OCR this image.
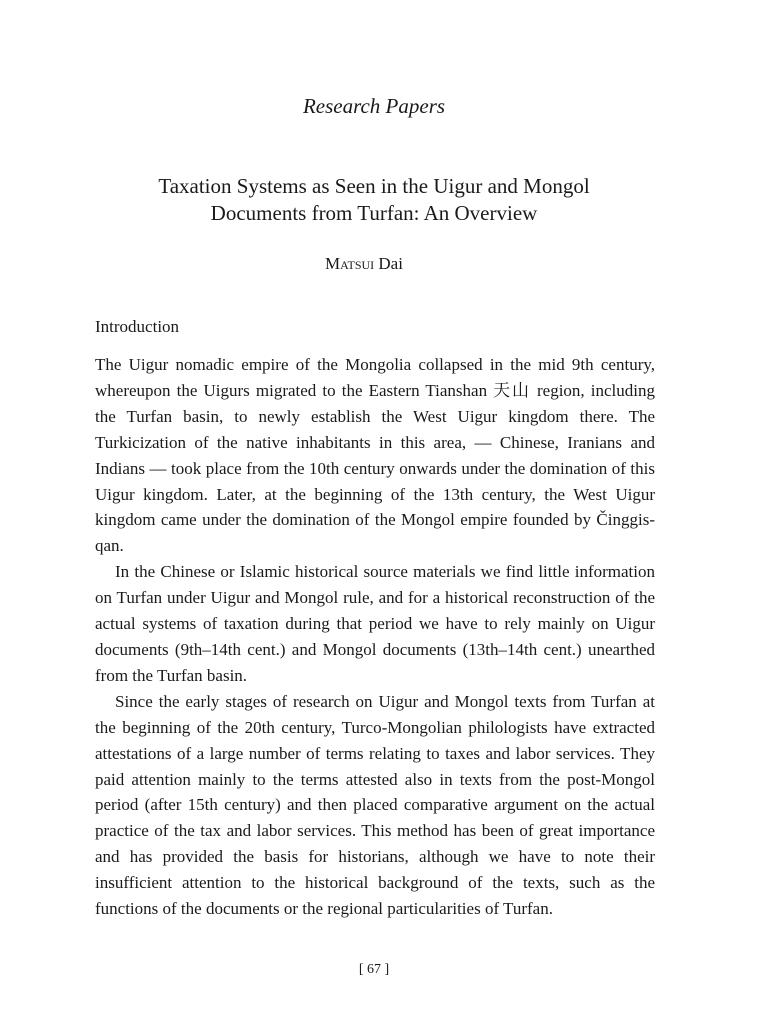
Research Papers
Taxation Systems as Seen in the Uigur and Mongol
Documents from Turfan: An Overview
Matsui Dai
Introduction

The Uigur nomadic empire of the Mongolia collapsed in the mid 9th century, whereupon the Uigurs migrated to the Eastern Tianshan 天山 region, including the Turfan basin, to newly establish the West Uigur kingdom there. The Turkicization of the native inhabitants in this area, — Chinese, Iranians and Indians — took place from the 10th century onwards under the domination of this Uigur kingdom. Later, at the beginning of the 13th century, the West Uigur kingdom came under the domination of the Mongol empire founded by Činggis-qan.

In the Chinese or Islamic historical source materials we find little information on Turfan under Uigur and Mongol rule, and for a historical reconstruction of the actual systems of taxation during that period we have to rely mainly on Uigur documents (9th–14th cent.) and Mongol documents (13th–14th cent.) unearthed from the Turfan basin.

Since the early stages of research on Uigur and Mongol texts from Turfan at the beginning of the 20th century, Turco-Mongolian philologists have extracted attestations of a large number of terms relating to taxes and labor services. They paid attention mainly to the terms attested also in texts from the post-Mongol period (after 15th century) and then placed comparative argument on the actual practice of the tax and labor services. This method has been of great importance and has provided the basis for historians, although we have to note their insufficient attention to the historical background of the texts, such as the functions of the documents or the regional particularities of Turfan.

[ 67 ]
